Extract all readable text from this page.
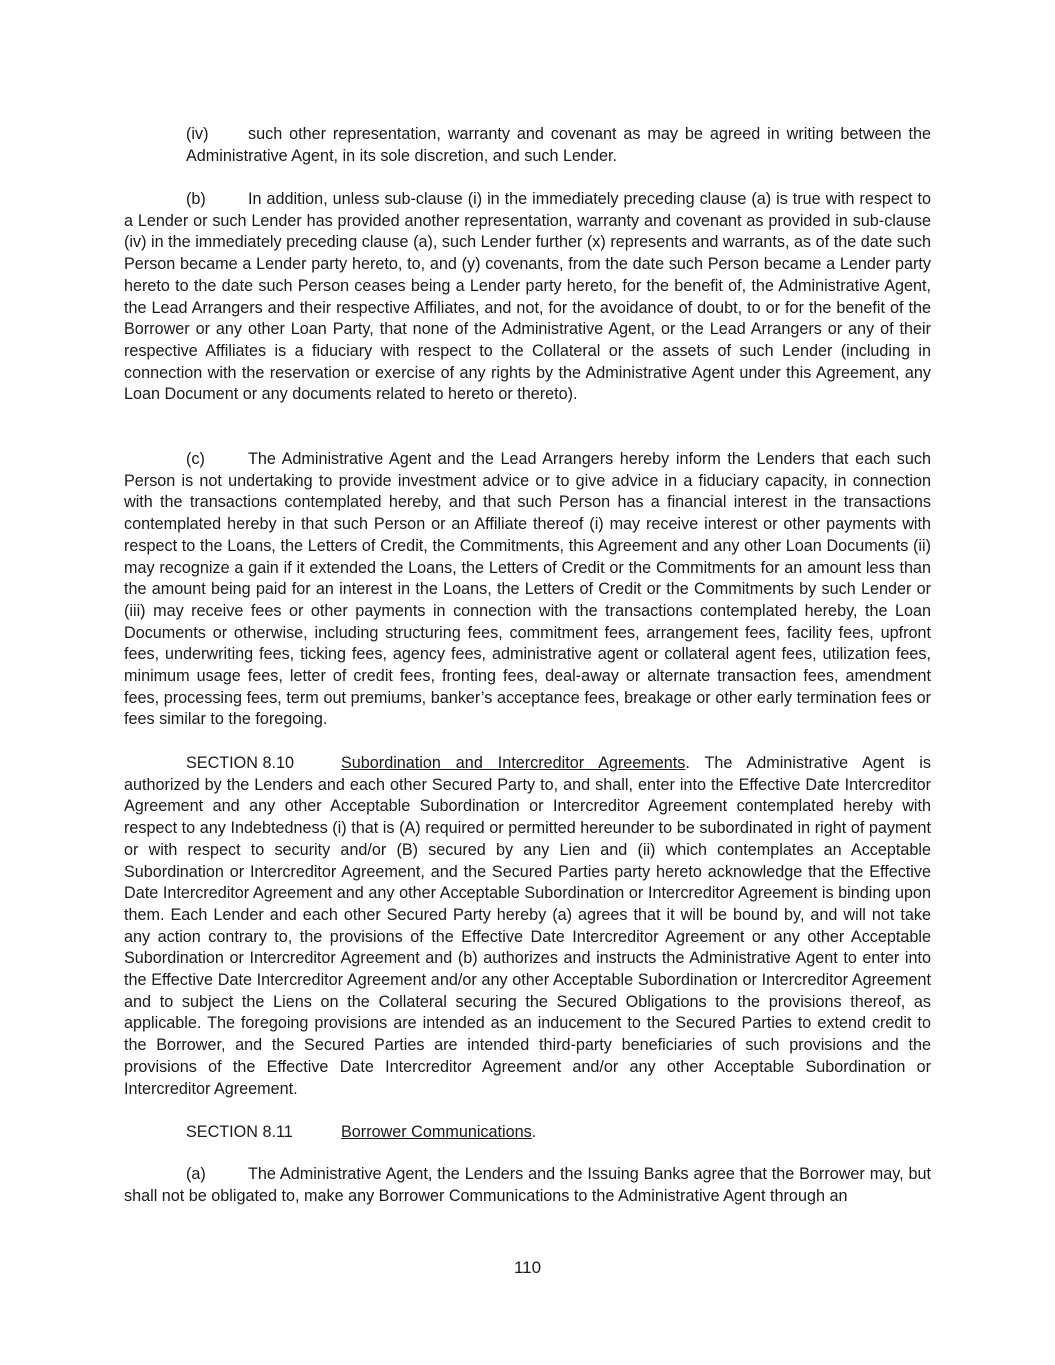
(iv) such other representation, warranty and covenant as may be agreed in writing between the Administrative Agent, in its sole discretion, and such Lender.

(b)	In addition, unless sub-clause (i) in the immediately preceding clause (a) is true with respect to a Lender or such Lender has provided another representation, warranty and covenant as provided in sub-clause (iv) in the immediately preceding clause (a), such Lender further (x) represents and warrants, as of the date such Person became a Lender party hereto, to, and (y) covenants, from the date such Person became a Lender party hereto to the date such Person ceases being a Lender party hereto, for the benefit of, the Administrative Agent, the Lead Arrangers and their respective Affiliates, and not, for the avoidance of doubt, to or for the benefit of the Borrower or any other Loan Party, that none of the Administrative Agent, or the Lead Arrangers or any of their respective Affiliates is a fiduciary with respect to the Collateral or the assets of such Lender (including in connection with the reservation or exercise of any rights by the Administrative Agent under this Agreement, any Loan Document or any documents related to hereto or thereto).

(c)	The Administrative Agent and the Lead Arrangers hereby inform the Lenders that each such Person is not undertaking to provide investment advice or to give advice in a fiduciary capacity, in connection with the transactions contemplated hereby, and that such Person has a financial interest in the transactions contemplated hereby in that such Person or an Affiliate thereof (i) may receive interest or other payments with respect to the Loans, the Letters of Credit, the Commitments, this Agreement and any other Loan Documents (ii) may recognize a gain if it extended the Loans, the Letters of Credit or the Commitments for an amount less than the amount being paid for an interest in the Loans, the Letters of Credit or the Commitments by such Lender or (iii) may receive fees or other payments in connection with the transactions contemplated hereby, the Loan Documents or otherwise, including structuring fees, commitment fees, arrangement fees, facility fees, upfront fees, underwriting fees, ticking fees, agency fees, administrative agent or collateral agent fees, utilization fees, minimum usage fees, letter of credit fees, fronting fees, deal-away or alternate transaction fees, amendment fees, processing fees, term out premiums, banker’s acceptance fees, breakage or other early termination fees or fees similar to the foregoing.

SECTION 8.10	Subordination and Intercreditor Agreements. The Administrative Agent is authorized by the Lenders and each other Secured Party to, and shall, enter into the Effective Date Intercreditor Agreement and any other Acceptable Subordination or Intercreditor Agreement contemplated hereby with respect to any Indebtedness (i) that is (A) required or permitted hereunder to be subordinated in right of payment or with respect to security and/or (B) secured by any Lien and (ii) which contemplates an Acceptable Subordination or Intercreditor Agreement, and the Secured Parties party hereto acknowledge that the Effective Date Intercreditor Agreement and any other Acceptable Subordination or Intercreditor Agreement is binding upon them. Each Lender and each other Secured Party hereby (a) agrees that it will be bound by, and will not take any action contrary to, the provisions of the Effective Date Intercreditor Agreement or any other Acceptable Subordination or Intercreditor Agreement and (b) authorizes and instructs the Administrative Agent to enter into the Effective Date Intercreditor Agreement and/or any other Acceptable Subordination or Intercreditor Agreement and to subject the Liens on the Collateral securing the Secured Obligations to the provisions thereof, as applicable. The foregoing provisions are intended as an inducement to the Secured Parties to extend credit to the Borrower, and the Secured Parties are intended third-party beneficiaries of such provisions and the provisions of the Effective Date Intercreditor Agreement and/or any other Acceptable Subordination or Intercreditor Agreement.

SECTION 8.11	Borrower Communications.

(a)	The Administrative Agent, the Lenders and the Issuing Banks agree that the Borrower may, but shall not be obligated to, make any Borrower Communications to the Administrative Agent through an

110
